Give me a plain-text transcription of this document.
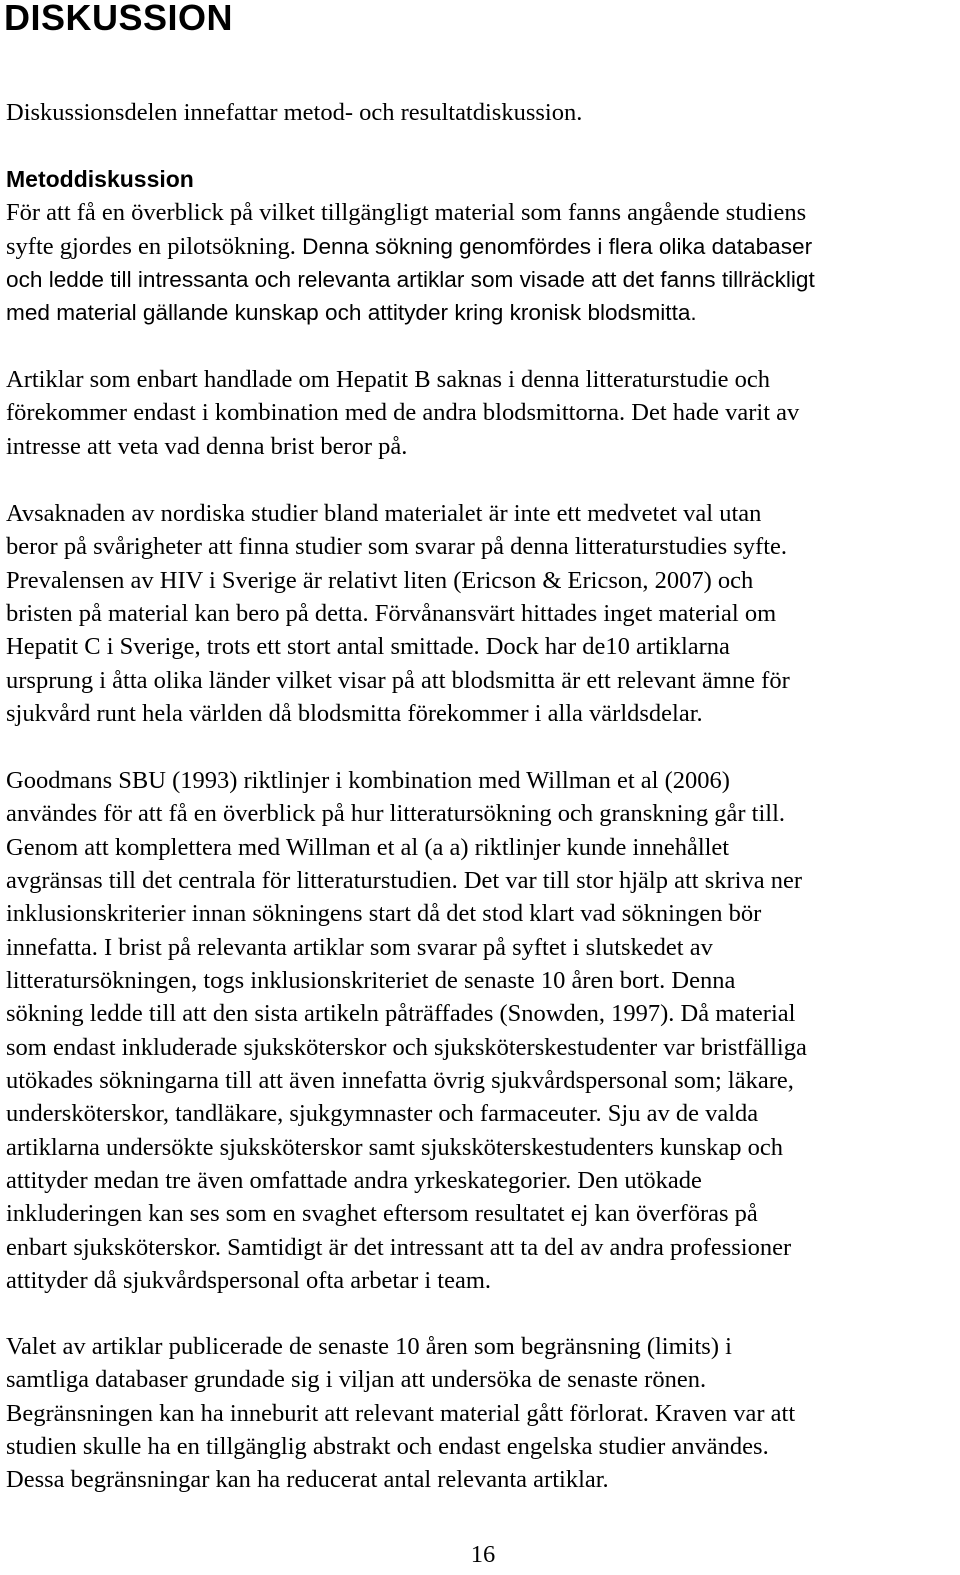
DISKUSSION

Diskussionsdelen innefattar metod- och resultatdiskussion.

Metoddiskussion
För att få en överblick på vilket tillgängligt material som fanns angående studiens
syfte gjordes en pilotsökning. Denna sökning genomfördes i flera olika databaser
och ledde till intressanta och relevanta artiklar som visade att det fanns tillräckligt
med material gällande kunskap och attityder kring kronisk blodsmitta.

Artiklar som enbart handlade om Hepatit B saknas i denna litteraturstudie och
förekommer endast i kombination med de andra blodsmittorna. Det hade varit av
intresse att veta vad denna brist beror på.

Avsaknaden av nordiska studier bland materialet är inte ett medvetet val utan
beror på svårigheter att finna studier som svarar på denna litteraturstudies syfte.
Prevalensen av HIV i Sverige är relativt liten (Ericson & Ericson, 2007) och
bristen på material kan bero på detta. Förvånansvärt hittades inget material om
Hepatit C i Sverige, trots ett stort antal smittade. Dock har de10 artiklarna
ursprung i åtta olika länder vilket visar på att blodsmitta är ett relevant ämne för
sjukvård runt hela världen då blodsmitta förekommer i alla världsdelar.

Goodmans SBU (1993) riktlinjer i kombination med Willman et al (2006)
användes för att få en överblick på hur litteratursökning och granskning går till.
Genom att komplettera med Willman et al (a a) riktlinjer kunde innehållet
avgränsas till det centrala för litteraturstudien. Det var till stor hjälp att skriva ner
inklusionskriterier innan sökningens start då det stod klart vad sökningen bör
innefatta. I brist på relevanta artiklar som svarar på syftet i slutskedet av
litteratursökningen, togs inklusionskriteriet de senaste 10 åren bort. Denna
sökning ledde till att den sista artikeln påträffades (Snowden, 1997). Då material
som endast inkluderade sjuksköterskor och sjuksköterskestudenter var bristfälliga
utökades sökningarna till att även innefatta övrig sjukvårdspersonal som; läkare,
undersköterskor, tandläkare, sjukgymnaster och farmaceuter. Sju av de valda
artiklarna undersökte sjuksköterskor samt sjuksköterskestudenters kunskap och
attityder medan tre även omfattade andra yrkeskategorier. Den utökade
inkluderingen kan ses som en svaghet eftersom resultatet ej kan överföras på
enbart sjuksköterskor. Samtidigt är det intressant att ta del av andra professioner
attityder då sjukvårdspersonal ofta arbetar i team.

Valet av artiklar publicerade de senaste 10 åren som begränsning (limits) i
samtliga databaser grundade sig i viljan att undersöka de senaste rönen.
Begränsningen kan ha inneburit att relevant material gått förlorat. Kraven var att
studien skulle ha en tillgänglig abstrakt och endast engelska studier användes.
Dessa begränsningar kan ha reducerat antal relevanta artiklar.

16
